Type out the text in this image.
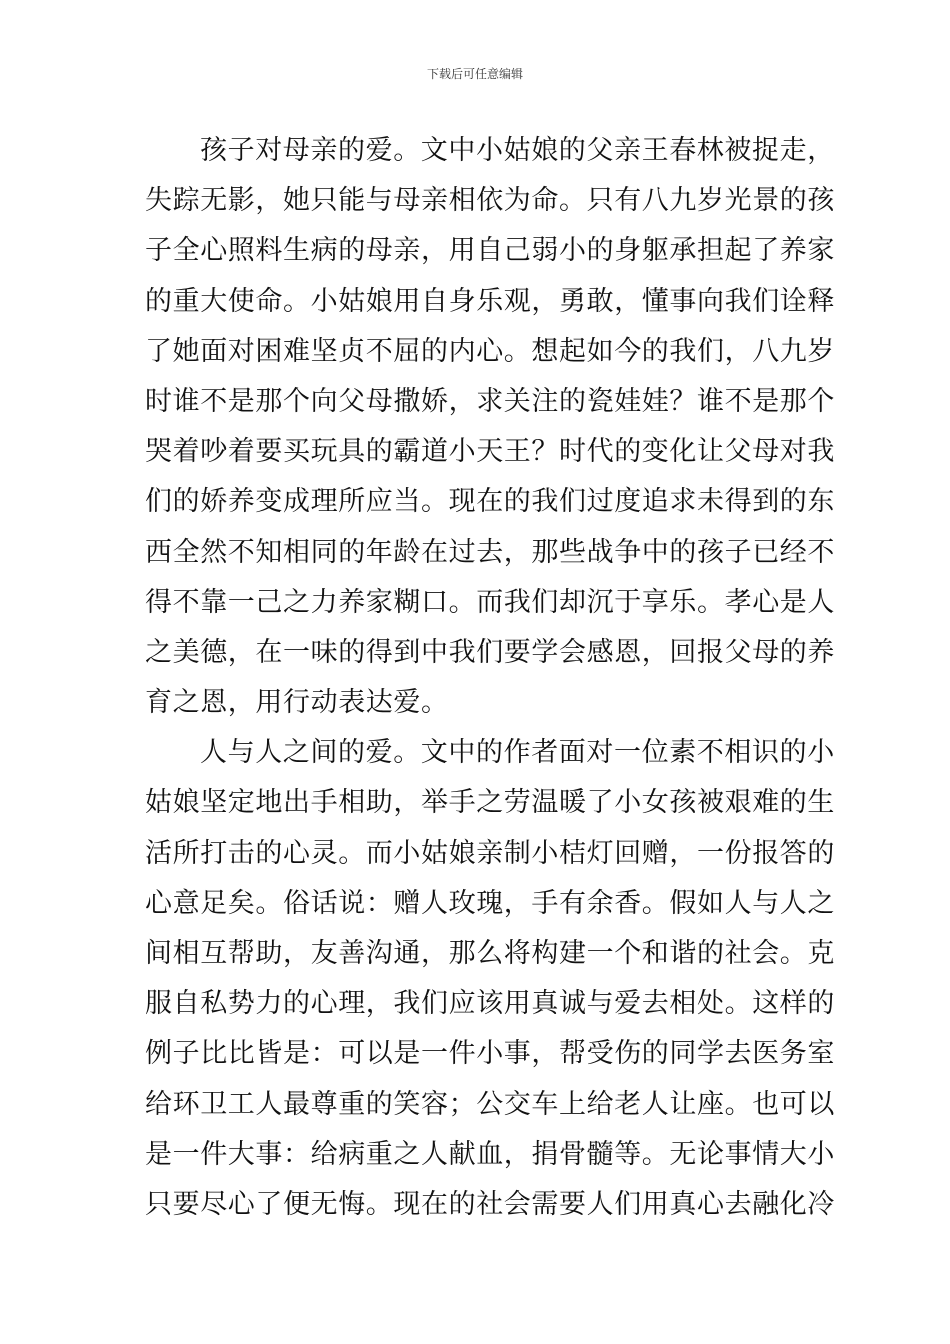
下载后可任意编辑
孩子对母亲的爱。文中小姑娘的父亲王春林被捉走，
失踪无影，她只能与母亲相依为命。只有八九岁光景的孩
子全心照料生病的母亲，用自己弱小的身躯承担起了养家
的重大使命。小姑娘用自身乐观，勇敢，懂事向我们诠释
了她面对困难坚贞不屈的内心。想起如今的我们，八九岁
时谁不是那个向父母撒娇，求关注的瓷娃娃？谁不是那个
哭着吵着要买玩具的霸道小天王？时代的变化让父母对我
们的娇养变成理所应当。现在的我们过度追求未得到的东
西全然不知相同的年龄在过去，那些战争中的孩子已经不
得不靠一己之力养家糊口。而我们却沉于享乐。孝心是人
之美德，在一味的得到中我们要学会感恩，回报父母的养
育之恩，用行动表达爱。
人与人之间的爱。文中的作者面对一位素不相识的小
姑娘坚定地出手相助，举手之劳温暖了小女孩被艰难的生
活所打击的心灵。而小姑娘亲制小桔灯回赠，一份报答的
心意足矣。俗话说：赠人玫瑰，手有余香。假如人与人之
间相互帮助，友善沟通，那么将构建一个和谐的社会。克
服自私势力的心理，我们应该用真诚与爱去相处。这样的
例子比比皆是：可以是一件小事，帮受伤的同学去医务室
给环卫工人最尊重的笑容；公交车上给老人让座。也可以
是一件大事：给病重之人献血，捐骨髓等。无论事情大小
只要尽心了便无悔。现在的社会需要人们用真心去融化冷
